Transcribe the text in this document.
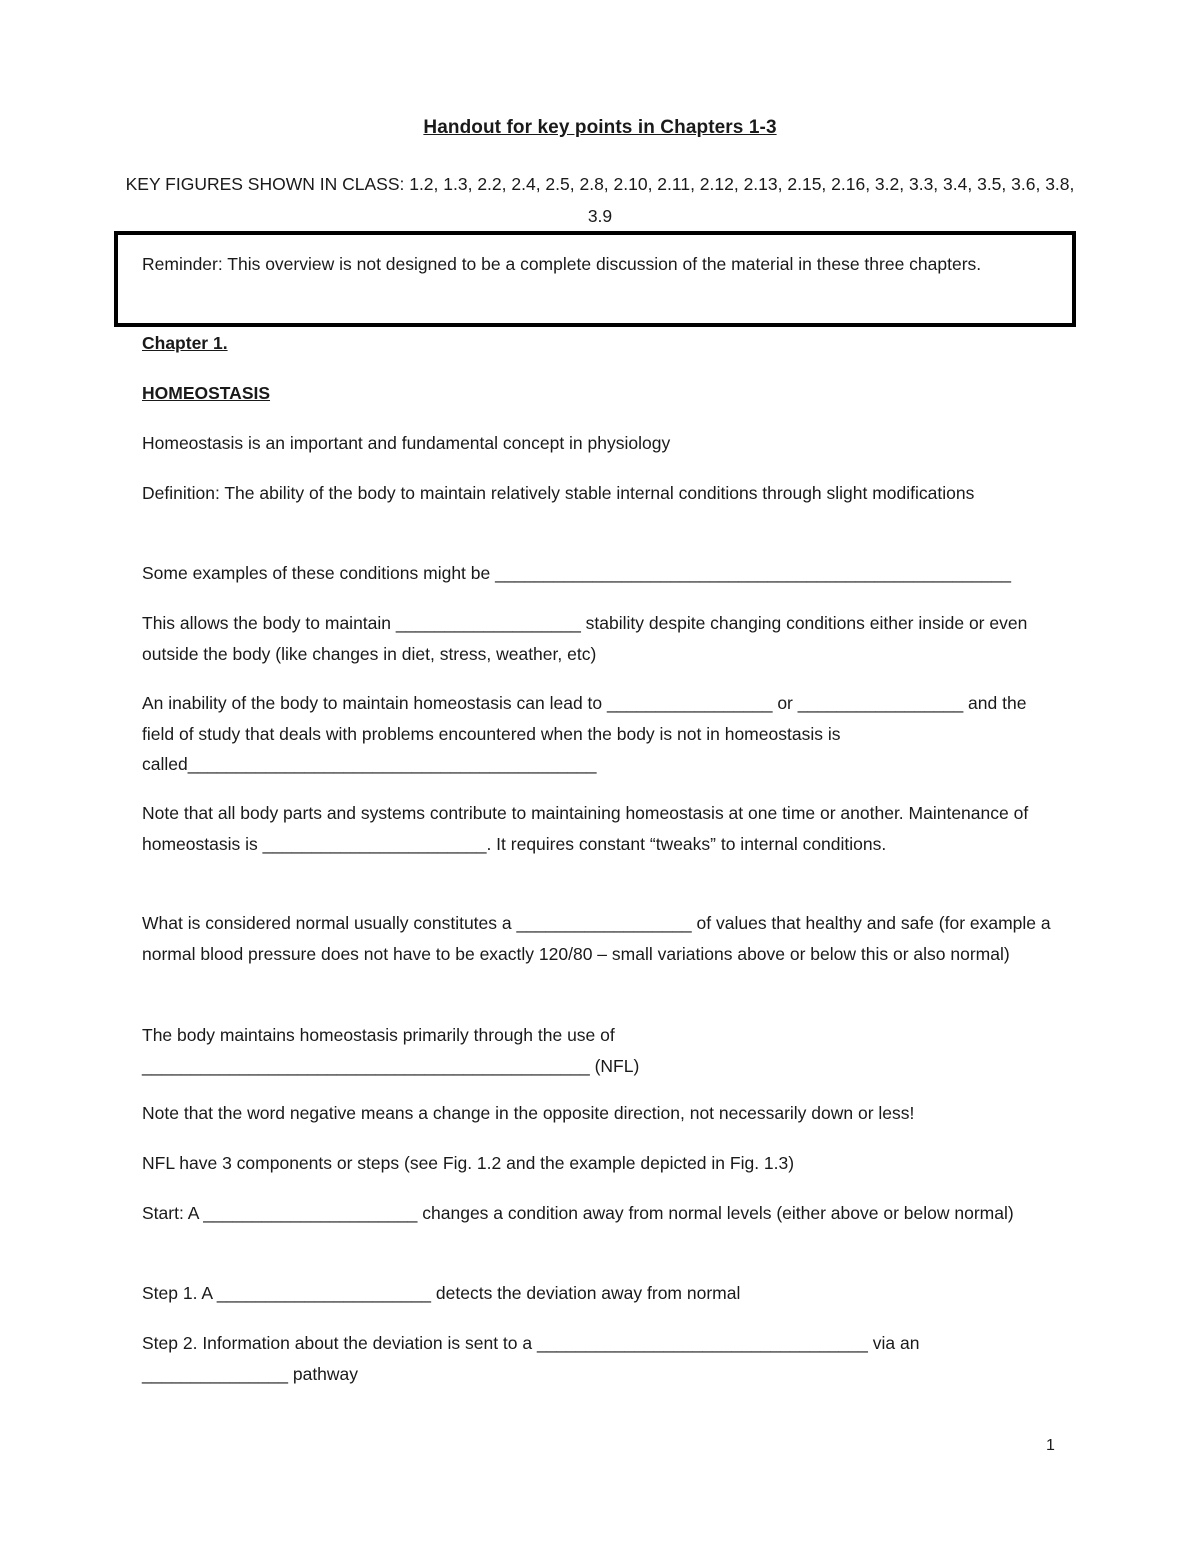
Handout for key points in Chapters 1-3
KEY FIGURES SHOWN IN CLASS: 1.2, 1.3, 2.2, 2.4, 2.5, 2.8, 2.10, 2.11, 2.12, 2.13, 2.15, 2.16, 3.2, 3.3, 3.4, 3.5, 3.6, 3.8, 3.9
Reminder: This overview is not designed to be a complete discussion of the material in these three chapters.
Chapter 1.
HOMEOSTASIS
Homeostasis is an important and fundamental concept in physiology
Definition: The ability of the body to maintain relatively stable internal conditions through slight modifications
Some examples of these conditions might be _____________________________________________________
This allows the body to maintain ___________________ stability despite changing conditions either inside or even outside the body (like changes in diet, stress, weather, etc)
An inability of the body to maintain homeostasis can lead to _________________ or _________________ and the field of study that deals with problems encountered when the body is not in homeostasis is called__________________________________________
Note that all body parts and systems contribute to maintaining homeostasis at one time or another. Maintenance of homeostasis is _______________________. It requires constant “tweaks” to internal conditions.
What is considered normal usually constitutes a __________________ of values that healthy and safe (for example a normal blood pressure does not have to be exactly 120/80 – small variations above or below this or also normal)
The body maintains homeostasis primarily through the use of ______________________________________________ (NFL)
Note that the word negative means a change in the opposite direction, not necessarily down or less!
NFL have 3 components or steps (see Fig. 1.2 and the example depicted in Fig. 1.3)
Start: A ______________________ changes a condition away from normal levels (either above or below normal)
Step 1. A ______________________ detects the deviation away from normal
Step 2. Information about the deviation is sent to a __________________________________ via an _______________ pathway
1
